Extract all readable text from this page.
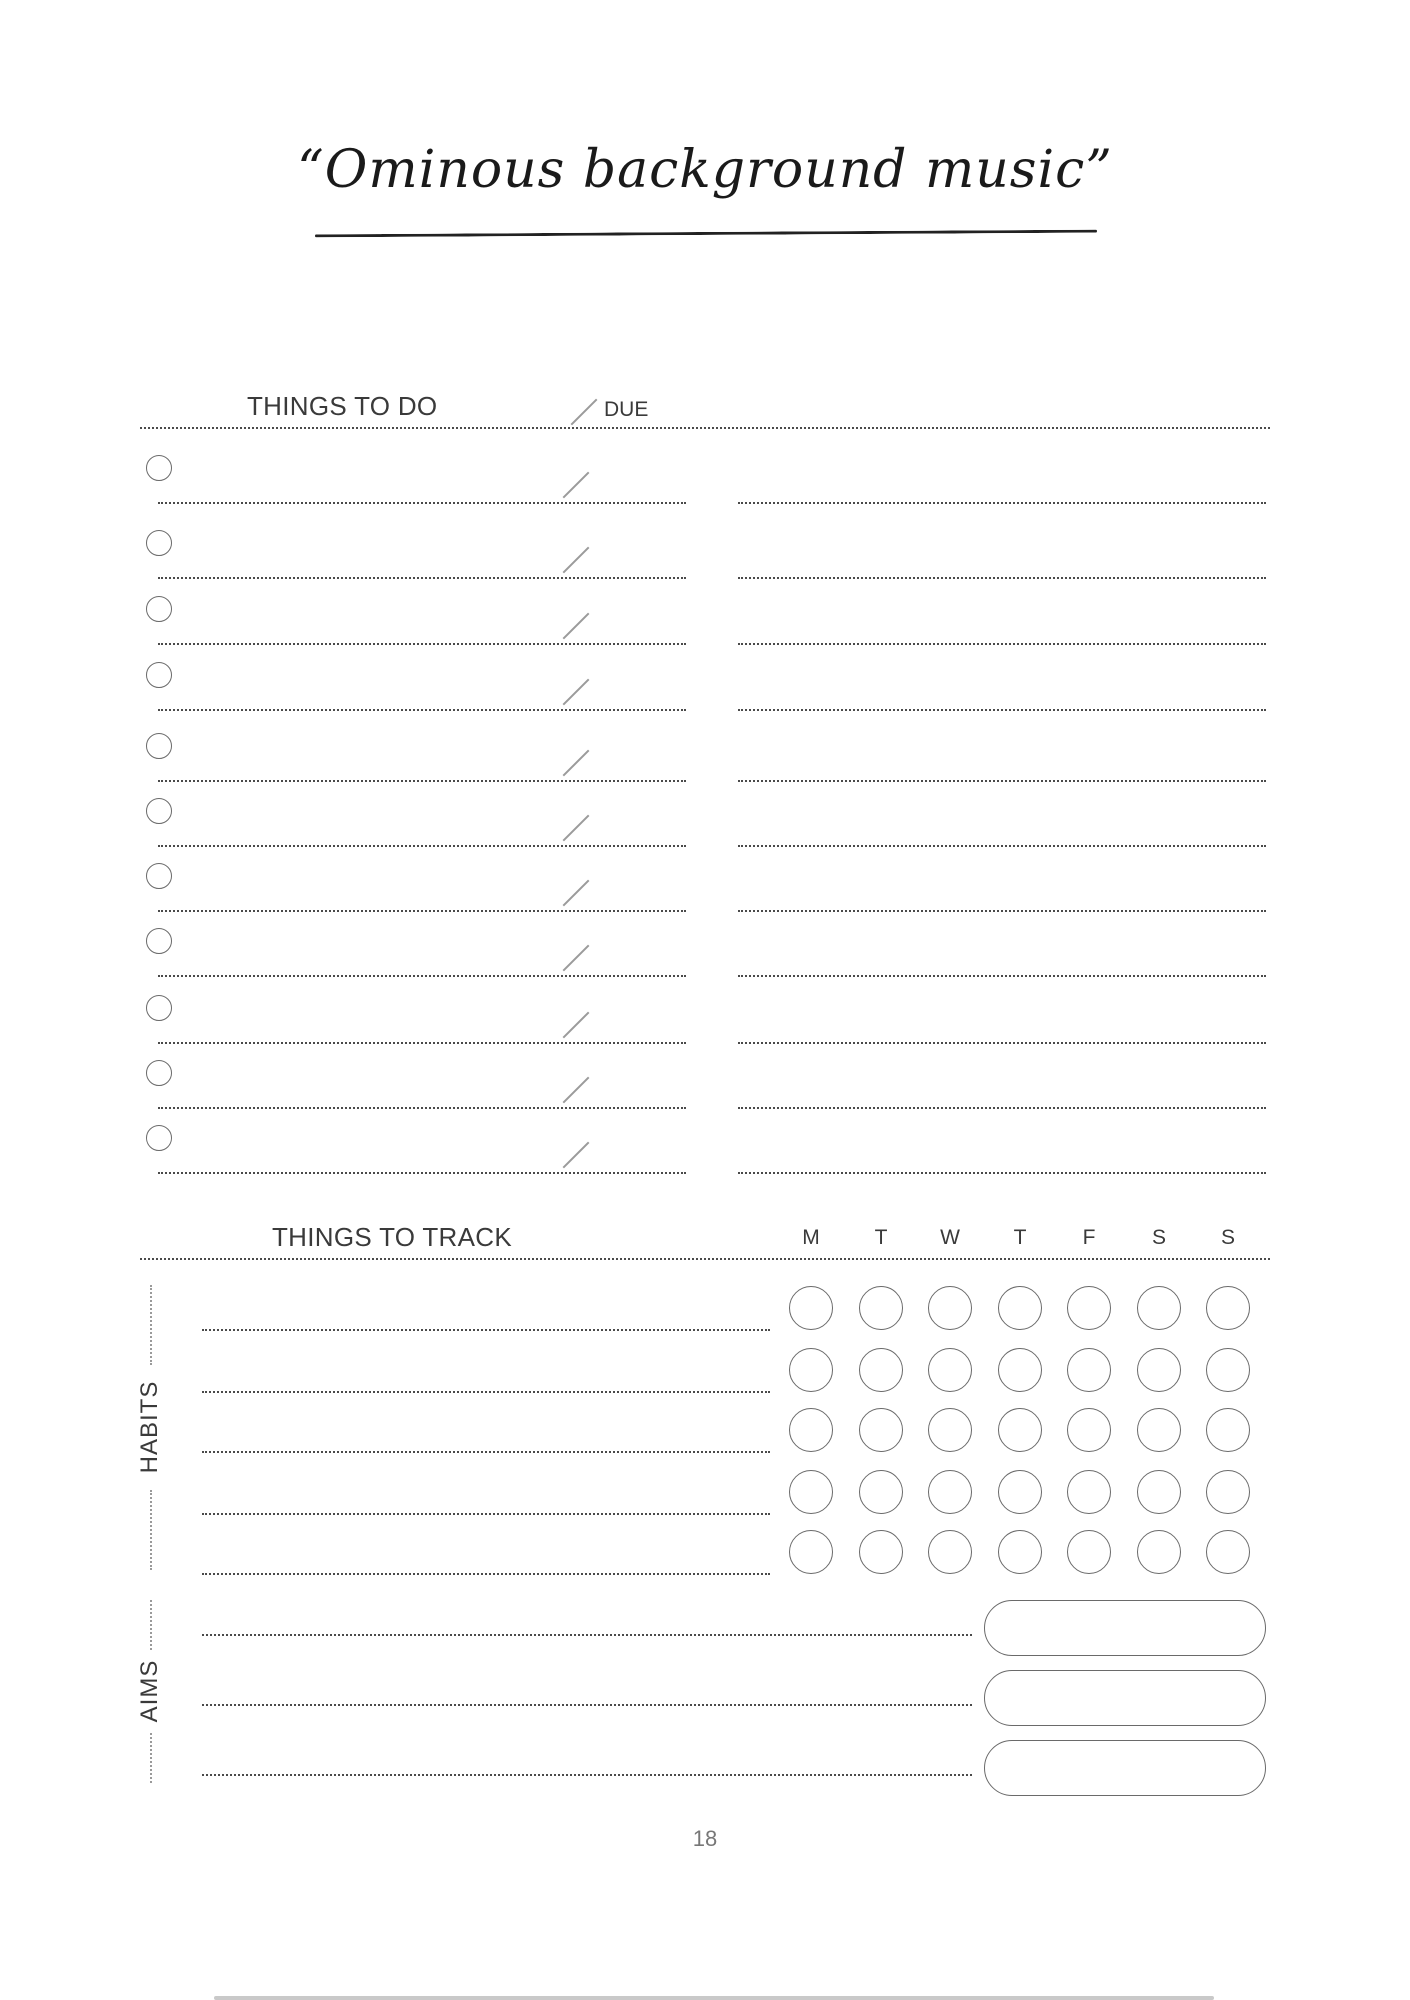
“Ominous background music”
THINGS TO DO	DUE
THINGS TO TRACK	M	T	W	T	F	S	S
HABITS
AIMS
18
